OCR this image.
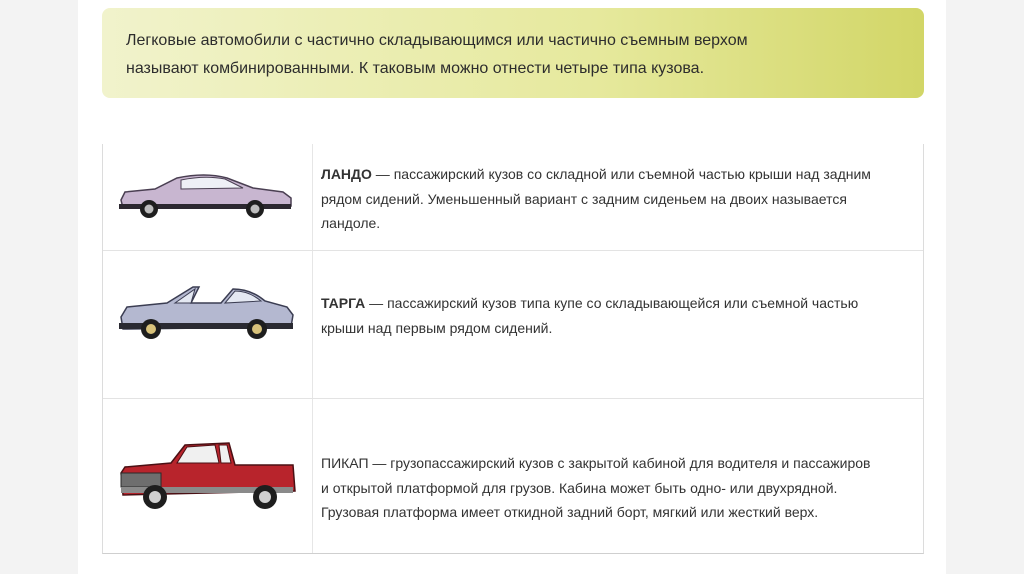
Легковые автомобили с частично складывающимся или частично съемным верхом
называют комбинированными. К таковым можно отнести четыре типа кузова.
ЛАНДО — пассажирский кузов со складной или съемной частью крыши над задним
рядом сидений. Уменьшенный вариант с задним сиденьем на двоих называется
ландоле.
ТАРГА — пассажирский кузов типа купе со складывающейся или съемной частью
крыши над первым рядом сидений.
ПИКАП — грузопассажирский кузов с закрытой кабиной для водителя и пассажиров
и открытой платформой для грузов. Кабина может быть одно- или двухрядной.
Грузовая платформа имеет откидной задний борт, мягкий или жесткий верх.
